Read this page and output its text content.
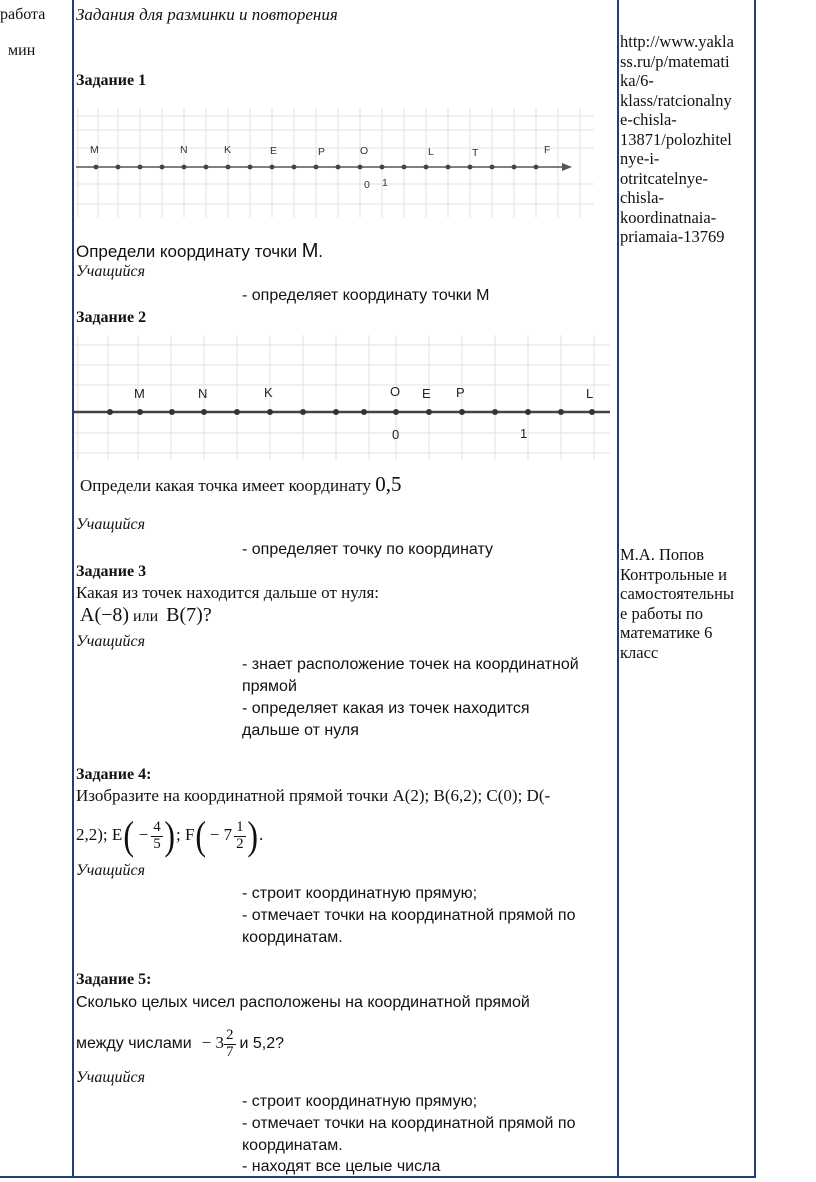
работа
мин
Задания для разминки и повторения
Задание 1
M	N	K	E	P	O	L	T	F
0 1
Определи координату точки M.
Учащийся
- определяет координату точки М
Задание 2
M	N	K	O E P	L
0	1
Определи какая точка имеет координату 0,5
Учащийся
- определяет точку по координату
Задание 3
Какая из точек находится дальше от нуля:
A(−8) или B(7)?
Учащийся
- знает расположение точек на координатной
прямой
- определяет какая из точек находится
дальше от нуля
Задание 4:
Изобразите на координатной прямой точки A(2); B(6,2); C(0); D(-
2,2); $E( - \frac{4}{5}$ ); $F( - 7 \frac{1}{2}$ ).
Учащийся
- строит координатную прямую;
- отмечает точки на координатной прямой по
координатам.
Задание 5:
Сколько целых чисел расположены на координатной прямой
между числами − $3 \frac{2}{7}$ и 5,2?
Учащийся
- строит координатную прямую;
- отмечает точки на координатной прямой по
координатам.
- находят все целые числа
http://www.yakla
ss.ru/p/matemati
ka/6-
klass/ratcionalny
e-chisla-
13871/polozhitel
nye-i-
otritcatelnye-
chisla-
koordinatnaia-
priamaia-13769
М.А. Попов
Контрольные и
самостоятельны
е работы по
математике 6
класс
